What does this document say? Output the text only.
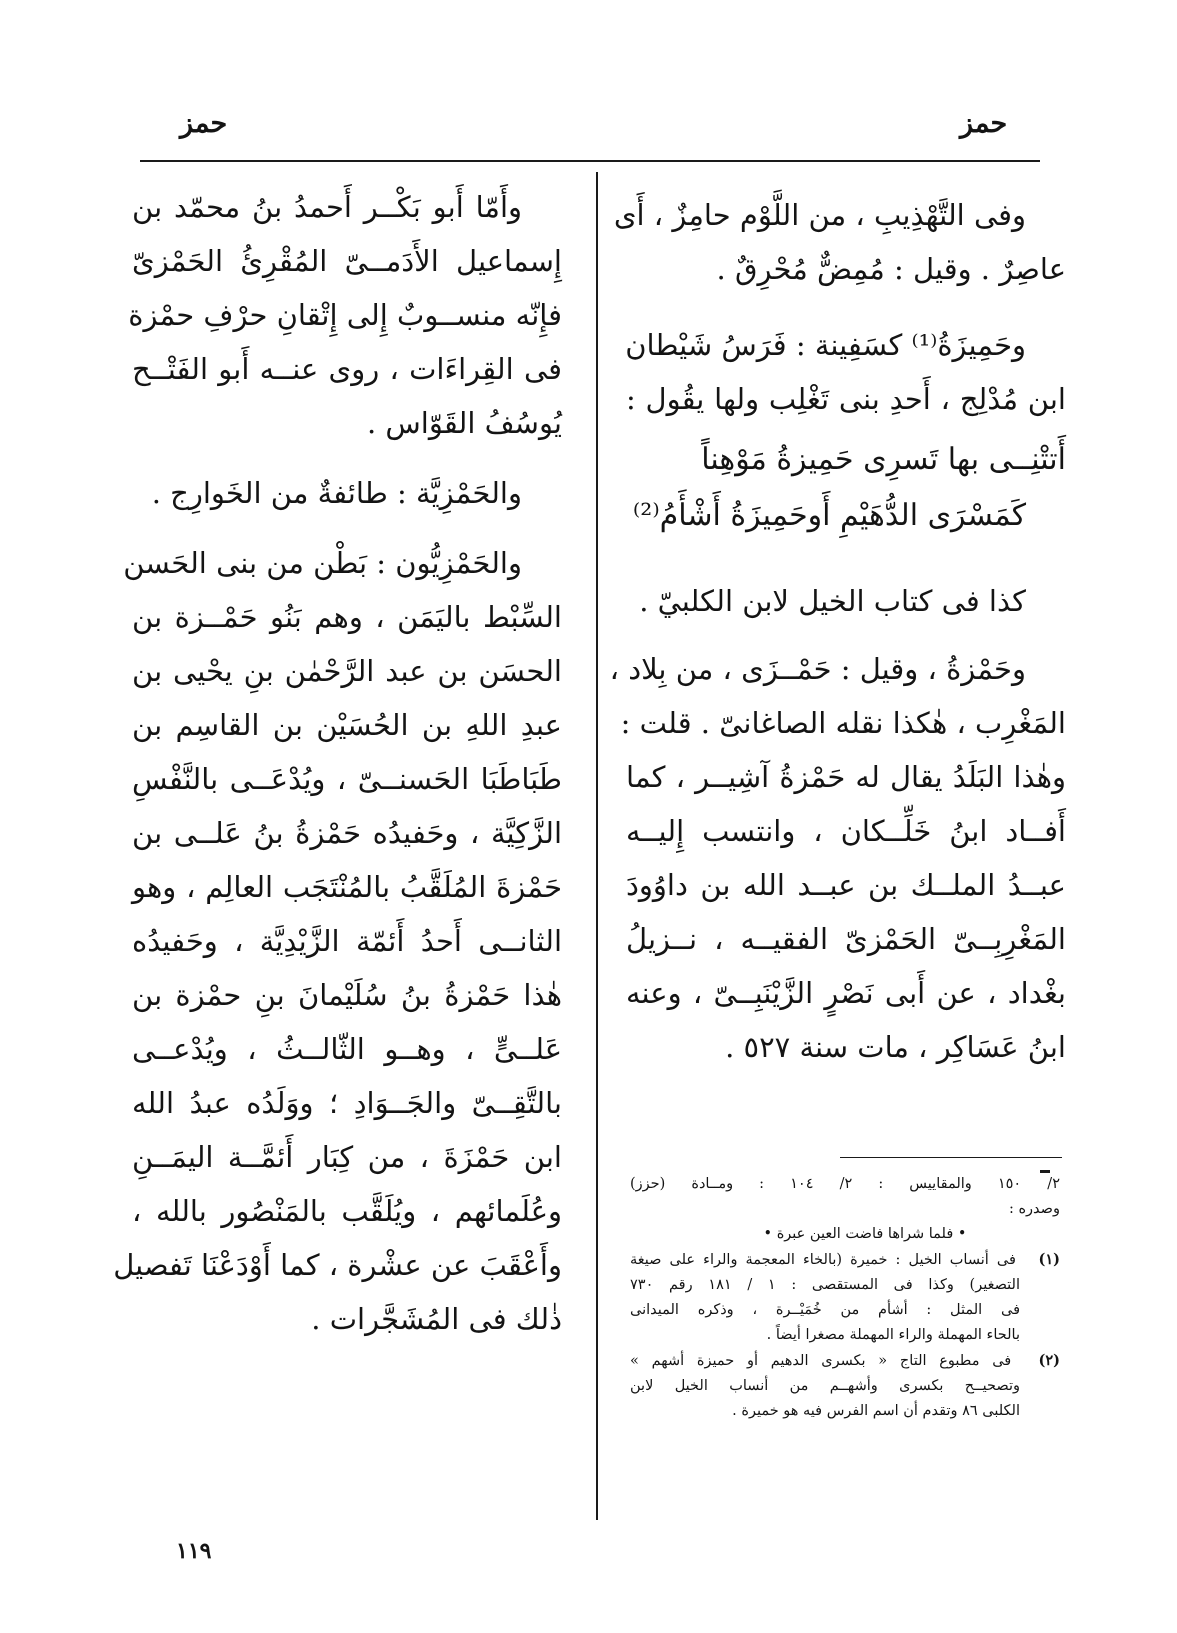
حمز
حمز
وفى التَّهْذِيبِ ، من اللَّوْم حامِزٌ ، أَى
عاصِرٌ . وقيل : مُمِضٌّ مُحْرِقٌ .
وحَمِيزَةُ⁽¹⁾ كسَفِينة : فَرَسُ شَيْطان
ابن مُدْلِج ، أَحدِ بنى تَغْلِب ولها يقُول :
أَتتْنِــى بها تَسرِى حَمِيزةُ مَوْهِناً
كَمَسْرَى الدُّهَيْمِ أَوحَمِيزَةُ أَشْأَمُ⁽²⁾
كذا فى كتاب الخيل لابن الكلبيّ .
وحَمْزةُ ، وقيل : حَمْــزَى ، من بِلاد ،
المَغْرِب ، هٰكذا نقله الصاغانىّ . قلت :
وهٰذا البَلَدُ يقال له حَمْزةُ آشِيــر ، كما
أَفــاد ابنُ خَلِّــكان ، وانتسب إِليــه
عبــدُ الملــك بن عبــد الله بن داوُودَ
المَغْرِبِــىّ الحَمْزىّ الفقيــه ، نــزيلُ
بغْداد ، عن أَبى نَصْرٍ الزَّيْنَبِــىّ ، وعنه
ابنُ عَسَاكِر ، مات سنة ٥٢٧ .
وأَمّا أَبو بَكْــر أَحمدُ بنُ محمّد بن
إِسماعيل الأَدَمــىّ المُقْرِئُ الحَمْزىّ
فإِنّه منســوبٌ إِلى إِتْقانِ حرْفِ حمْزة
فى القِراءَات ، روى عنــه أَبو الفَتْــح
يُوسُفُ القَوّاس .
والحَمْزِيَّة : طائفةٌ من الخَوارِج .
والحَمْزِيُّون : بَطْن من بنى الحَسن
السِّبْط باليَمَن ، وهم بَنُو حَمْــزة بن
الحسَن بن عبد الرَّحْمٰن بنِ يحْيى بن
عبدِ اللهِ بن الحُسَيْن بن القاسِم بن
طَبَاطَبَا الحَسنــىّ ، ويُدْعَــى بالنَّفْسِ
الزَّكِيَّة ، وحَفيدُه حَمْزةُ بنُ عَلــى بن
حَمْزةَ المُلَقَّبُ بالمُنْتَجَب العالِم ، وهو
الثانــى أَحدُ أَئمّة الزَّيْدِيَّة ، وحَفيدُه
هٰذا حَمْزةُ بنُ سُلَيْمانَ بنِ حمْزة بن
عَلــىٍّ ، وهــو الثّالــثُ ، ويُدْعــى
بالتَّقِــىّ والجَــوَادِ ؛ ووَلَدُه عبدُ الله
ابن حَمْزَةَ ، من كِبَار أَئمَّــة اليمَــنِ
وعُلَمائهم ، ويُلَقَّب بالمَنْصُور بالله ،
وأَعْقَبَ عن عشْرة ، كما أَوْدَعْنَا تَفصيل
ذٰلك فى المُشَجَّرات .
٢/ ١٥٠ والمقاييس : ٢/ ١٠٤ : ومــادة (حزز)
وصدره :
• فلما شراها فاضت العين عبرة •
(١) فى أنساب الخيل : خميرة (بالخاء المعجمة والراء على صيغة
التصغير) وكذا فى المستقصى : ١ / ١٨١ رقم ٧٣٠
فى المثل : أشأم من خُمَيْــرة ، وذكره الميدانى
بالحاء المهملة والراء المهملة مصغرا أيضاً .
(٢) فى مطبوع التاج « بكسرى الدهيم أو حميزة أشهم »
وتصحيــح بكسرى وأشهــم من أنساب الخيل لابن
الكلبى ٨٦ وتقدم أن اسم الفرس فيه هو خميرة .
١١٩
